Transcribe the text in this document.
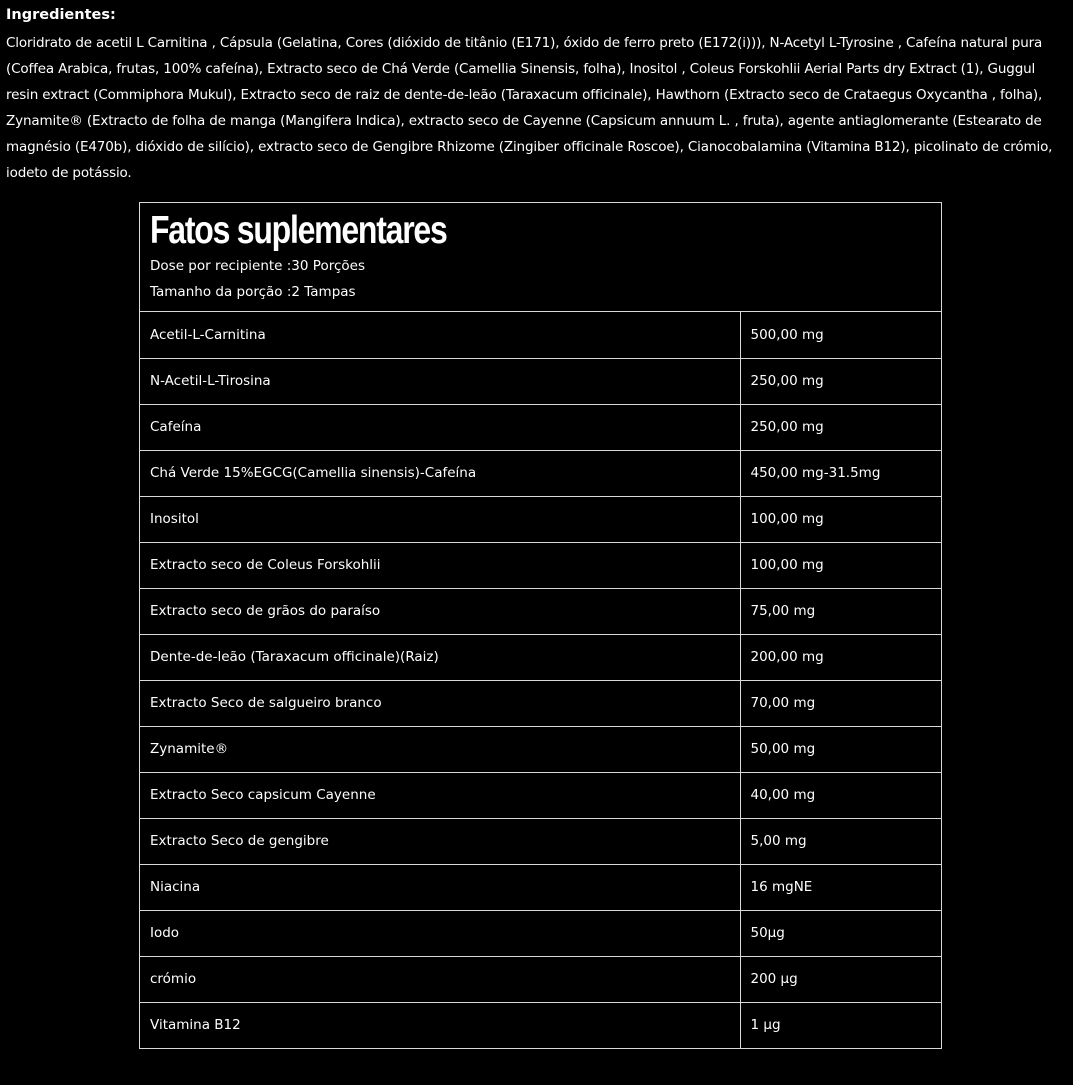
Ingredientes:

Cloridrato de acetil L Carnitina , Cápsula (Gelatina, Cores (dióxido de titânio (E171), óxido de ferro preto (E172(i))), N-Acetyl L-Tyrosine , Cafeína natural pura (Coffea Arabica, frutas, 100% cafeína), Extracto seco de Chá Verde (Camellia Sinensis, folha), Inositol , Coleus Forskohlii Aerial Parts dry Extract (1), Guggul resin extract (Commiphora Mukul), Extracto seco de raiz de dente-de-leão (Taraxacum officinale), Hawthorn (Extracto seco de Crataegus Oxycantha , folha), Zynamite® (Extracto de folha de manga (Mangifera Indica), extracto seco de Cayenne (Capsicum annuum L. , fruta), agente antiaglomerante (Estearato de magnésio (E470b), dióxido de silício), extracto seco de Gengibre Rhizome (Zingiber officinale Roscoe), Cianocobalamina (Vitamina B12), picolinato de crómio, iodeto de potássio.

Fatos suplementares
Dose por recipiente :30 Porções
Tamanho da porção :2 Tampas
Acetil-L-Carnitina	500,00 mg
N-Acetil-L-Tirosina	250,00 mg
Cafeína	250,00 mg
Chá Verde 15%EGCG(Camellia sinensis)-Cafeína	450,00 mg-31.5mg
Inositol	100,00 mg
Extracto seco de Coleus Forskohlii	100,00 mg
Extracto seco de grãos do paraíso	75,00 mg
Dente-de-leão (Taraxacum officinale)(Raiz)	200,00 mg
Extracto Seco de salgueiro branco	70,00 mg
Zynamite®	50,00 mg
Extracto Seco capsicum Cayenne	40,00 mg
Extracto Seco de gengibre	5,00 mg
Niacina	16 mgNE
Iodo	50µg
crómio	200 µg
Vitamina B12	1 µg
